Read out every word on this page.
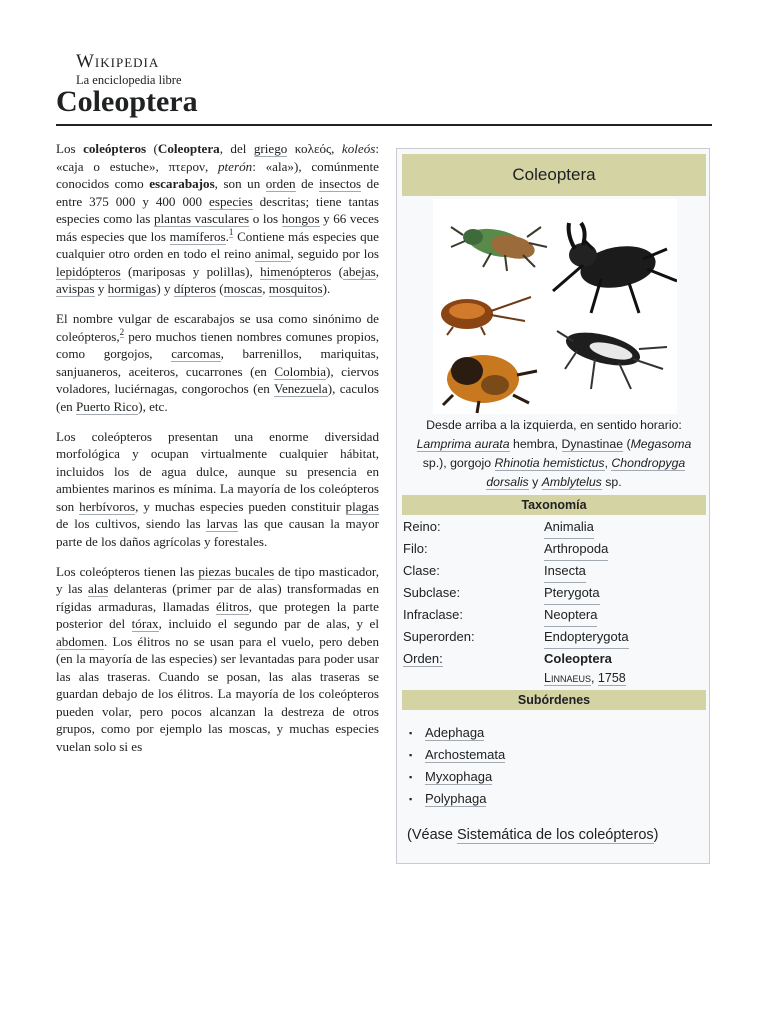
Wikipedia
La enciclopedia libre
Coleoptera

Los coleópteros (Coleoptera, del griego κολεός, koleós: «caja o estuche», πτερον, pterón: «ala»), comúnmente conocidos como escarabajos, son un orden de insectos de entre 375 000 y 400 000 especies descritas; tiene tantas especies como las plantas vasculares o los hongos y 66 veces más especies que los mamíferos.$^1$ Contiene más especies que cualquier otro orden en todo el reino animal, seguido por los lepidópteros (mariposas y polillas), himenópteros (abejas, avispas y hormigas) y dípteros (moscas, mosquitos).

El nombre vulgar de escarabajos se usa como sinónimo de coleópteros,$^2$ pero muchos tienen nombres comunes propios, como gorgojos, carcomas, barrenillos, mariquitas, sanjuaneros, aceiteros, cucarrones (en Colombia), ciervos voladores, luciérnagas, congorochos (en Venezuela), caculos (en Puerto Rico), etc.

Los coleópteros presentan una enorme diversidad morfológica y ocupan virtualmente cualquier hábitat, incluidos los de agua dulce, aunque su presencia en ambientes marinos es mínima. La mayoría de los coleópteros son herbívoros, y muchas especies pueden constituir plagas de los cultivos, siendo las larvas las que causan la mayor parte de los daños agrícolas y forestales.

Los coleópteros tienen las piezas bucales de tipo masticador, y las alas delanteras (primer par de alas) transformadas en rígidas armaduras, llamadas élitros, que protegen la parte posterior del tórax, incluido el segundo par de alas, y el abdomen. Los élitros no se usan para el vuelo, pero deben (en la mayoría de las especies) ser levantadas para poder usar las alas traseras. Cuando se posan, las alas traseras se guardan debajo de los élitros. La mayoría de los coleópteros pueden volar, pero pocos alcanzan la destreza de otros grupos, como por ejemplo las moscas, y muchas especies vuelan solo si es

Coleoptera
Desde arriba a la izquierda, en sentido horario: Lamprima aurata hembra, Dynastinae (Megasoma sp.), gorgojo Rhinotia hemistictus, Chondropyga dorsalis y Amblytelus sp.
Taxonomía
Reino:	Animalia
Filo:	Arthropoda
Clase:	Insecta
Subclase:	Pterygota
Infraclase:	Neoptera
Superorden:	Endopterygota
Orden:	Coleoptera
Linnaeus, 1758
Subórdenes
▪ Adephaga
▪ Archostemata
▪ Myxophaga
▪ Polyphaga
(Véase Sistemática de los coleópteros)
